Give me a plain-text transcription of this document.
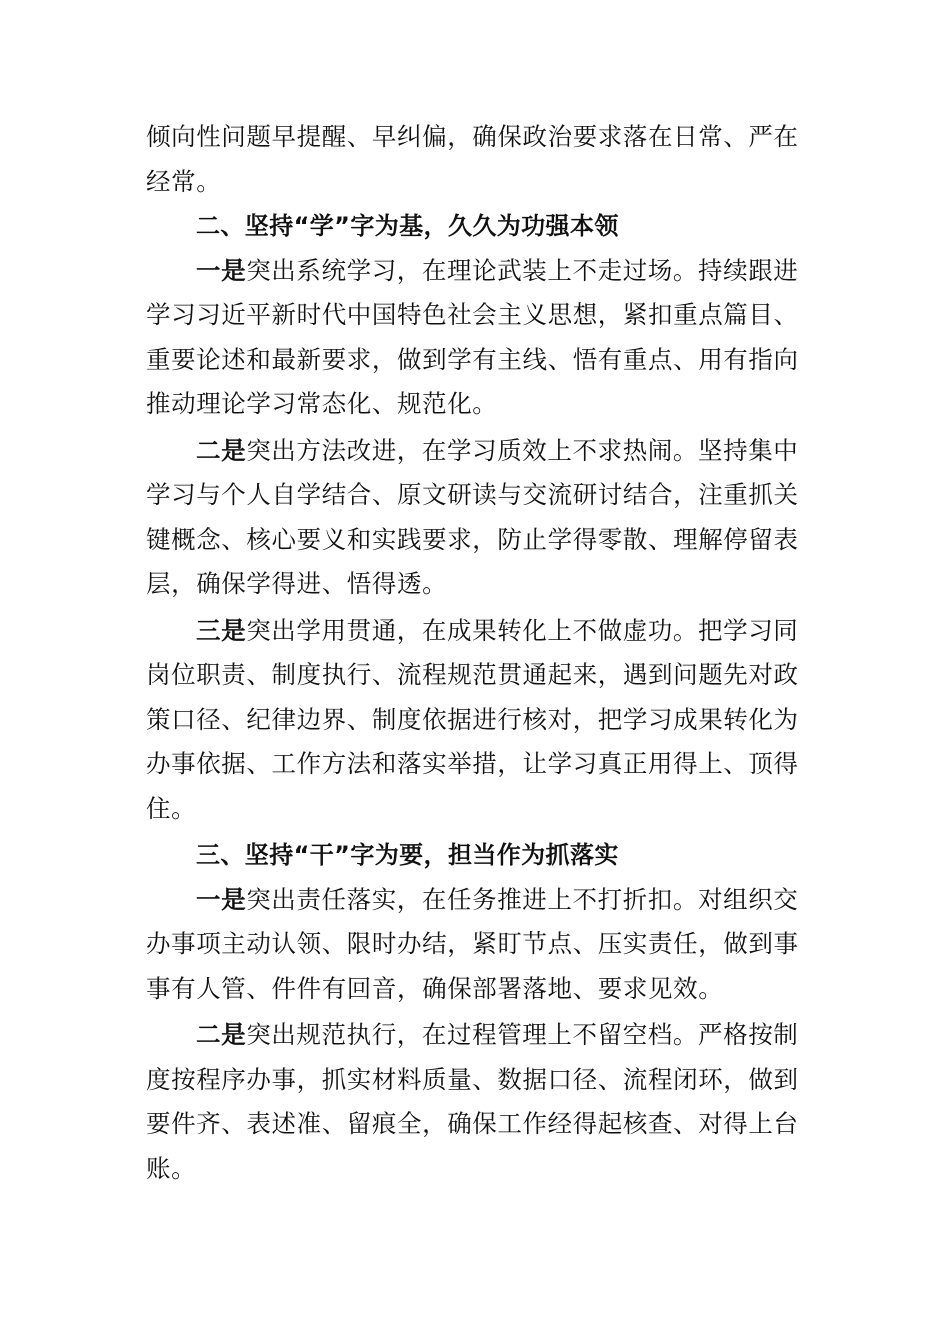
倾向性问题早提醒、早纠偏，确保政治要求落在日常、严在
经常。
二、坚持“学”字为基，久久为功强本领
一是突出系统学习，在理论武装上不走过场。持续跟进
学习习近平新时代中国特色社会主义思想，紧扣重点篇目、
重要论述和最新要求，做到学有主线、悟有重点、用有指向
推动理论学习常态化、规范化。
二是突出方法改进，在学习质效上不求热闹。坚持集中
学习与个人自学结合、原文研读与交流研讨结合，注重抓关
键概念、核心要义和实践要求，防止学得零散、理解停留表
层，确保学得进、悟得透。
三是突出学用贯通，在成果转化上不做虚功。把学习同
岗位职责、制度执行、流程规范贯通起来，遇到问题先对政
策口径、纪律边界、制度依据进行核对，把学习成果转化为
办事依据、工作方法和落实举措，让学习真正用得上、顶得
住。
三、坚持“干”字为要，担当作为抓落实
一是突出责任落实，在任务推进上不打折扣。对组织交
办事项主动认领、限时办结，紧盯节点、压实责任，做到事
事有人管、件件有回音，确保部署落地、要求见效。
二是突出规范执行，在过程管理上不留空档。严格按制
度按程序办事，抓实材料质量、数据口径、流程闭环，做到
要件齐、表述准、留痕全，确保工作经得起核查、对得上台
账。
